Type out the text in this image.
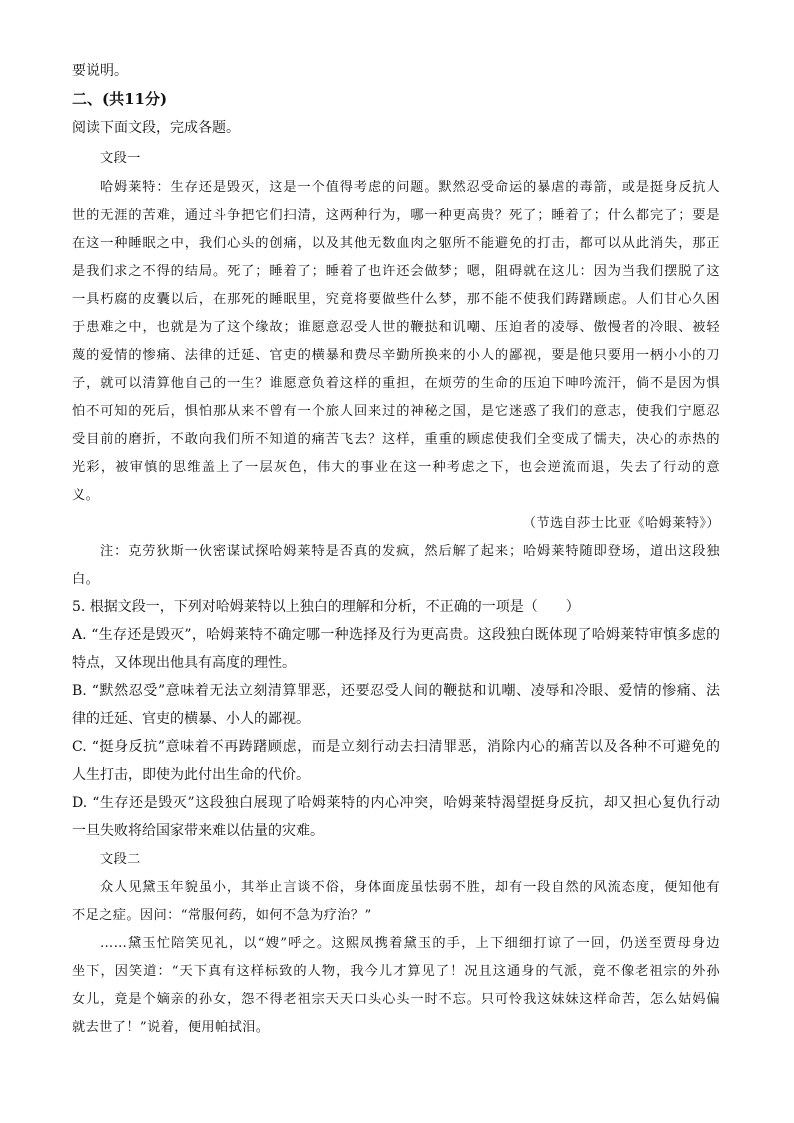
要说明。
二、(共11分)
阅读下面文段，完成各题。
文段一
哈姆莱特：生存还是毁灭，这是一个值得考虑的问题。默然忍受命运的暴虐的毒箭，或是挺身反抗人
世的无涯的苦难，通过斗争把它们扫清，这两种行为，哪一种更高贵？死了；睡着了；什么都完了；要是
在这一种睡眠之中，我们心头的创痛，以及其他无数血肉之躯所不能避免的打击，都可以从此消失，那正
是我们求之不得的结局。死了；睡着了；睡着了也许还会做梦；嗯，阻碍就在这儿：因为当我们摆脱了这
一具朽腐的皮囊以后，在那死的睡眠里，究竟将要做些什么梦，那不能不使我们踌躇顾虑。人们甘心久困
于患难之中，也就是为了这个缘故；谁愿意忍受人世的鞭挞和讥嘲、压迫者的凌辱、傲慢者的冷眼、被轻
蔑的爱情的惨痛、法律的迁延、官吏的横暴和费尽辛勤所换来的小人的鄙视，要是他只要用一柄小小的刀
子，就可以清算他自己的一生？谁愿意负着这样的重担，在烦劳的生命的压迫下呻吟流汗，倘不是因为惧
怕不可知的死后，惧怕那从来不曾有一个旅人回来过的神秘之国，是它迷惑了我们的意志，使我们宁愿忍
受目前的磨折，不敢向我们所不知道的痛苦飞去？这样，重重的顾虑使我们全变成了懦夫，决心的赤热的
光彩，被审慎的思维盖上了一层灰色，伟大的事业在这一种考虑之下，也会逆流而退，失去了行动的意
义。
（节选自莎士比亚《哈姆莱特》）
注：克劳狄斯一伙密谋试探哈姆莱特是否真的发疯，然后解了起来；哈姆莱特随即登场，道出这段独
白。
5. 根据文段一，下列对哈姆莱特以上独白的理解和分析，不正确的一项是（　　）
A. “生存还是毁灭”，哈姆莱特不确定哪一种选择及行为更高贵。这段独白既体现了哈姆莱特审慎多虑的
特点，又体现出他具有高度的理性。
B. “默然忍受”意味着无法立刻清算罪恶，还要忍受人间的鞭挞和讥嘲、凌辱和冷眼、爱情的惨痛、法
律的迁延、官吏的横暴、小人的鄙视。
C. “挺身反抗”意味着不再踌躇顾虑，而是立刻行动去扫清罪恶，消除内心的痛苦以及各种不可避免的
人生打击，即使为此付出生命的代价。
D. “生存还是毁灭”这段独白展现了哈姆莱特的内心冲突，哈姆莱特渴望挺身反抗，却又担心复仇行动
一旦失败将给国家带来难以估量的灾难。
文段二
众人见黛玉年貌虽小，其举止言谈不俗，身体面庞虽怯弱不胜，却有一段自然的风流态度，便知他有
不足之症。因问：“常服何药，如何不急为疗治？”
……黛玉忙陪笑见礼，以“嫂”呼之。这熙凤携着黛玉的手，上下细细打谅了一回，仍送至贾母身边
坐下，因笑道：“天下真有这样标致的人物，我今儿才算见了！况且这通身的气派，竟不像老祖宗的外孙
女儿，竟是个嫡亲的孙女，怨不得老祖宗天天口头心头一时不忘。只可怜我这妹妹这样命苦，怎么姑妈偏
就去世了！”说着，便用帕拭泪。
